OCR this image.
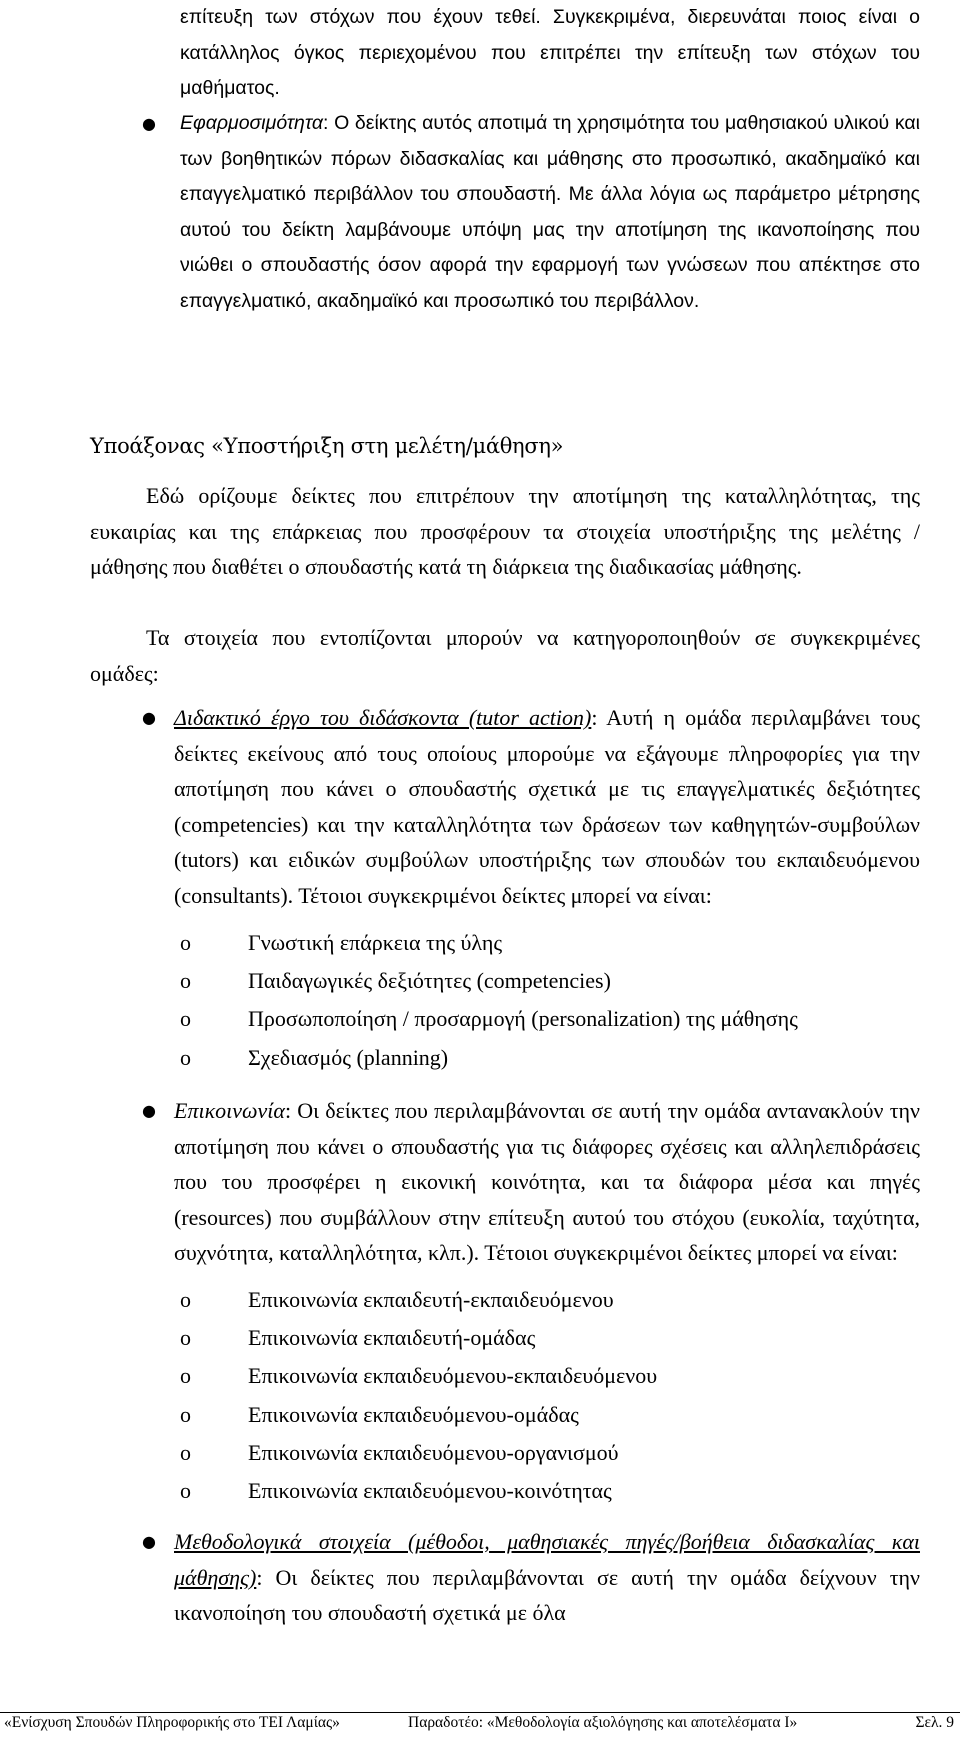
επίτευξη των στόχων που έχουν τεθεί. Συγκεκριμένα, διερευνάται ποιος είναι ο κατάλληλος όγκος περιεχομένου που επιτρέπει την επίτευξη των στόχων του μαθήματος.
● Εφαρμοσιμότητα: Ο δείκτης αυτός αποτιμά τη χρησιμότητα του μαθησιακού υλικού και των βοηθητικών πόρων διδασκαλίας και μάθησης στο προσωπικό, ακαδημαϊκό και επαγγελματικό περιβάλλον του σπουδαστή. Με άλλα λόγια ως παράμετρο μέτρησης αυτού του δείκτη λαμβάνουμε υπόψη μας την αποτίμηση της ικανοποίησης που νιώθει ο σπουδαστής όσον αφορά την εφαρμογή των γνώσεων που απέκτησε στο επαγγελματικό, ακαδημαϊκό και προσωπικό του περιβάλλον.
Υποάξονας «Υποστήριξη στη μελέτη/μάθηση»
Εδώ ορίζουμε δείκτες που επιτρέπουν την αποτίμηση της καταλληλότητας, της ευκαιρίας και της επάρκειας που προσφέρουν τα στοιχεία υποστήριξης της μελέτης / μάθησης που διαθέτει ο σπουδαστής κατά τη διάρκεια της διαδικασίας μάθησης.
Τα στοιχεία που εντοπίζονται μπορούν να κατηγοροποιηθούν σε συγκεκριμένες ομάδες:
● Διδακτικό έργο του διδάσκοντα (tutor action): Αυτή η ομάδα περιλαμβάνει τους δείκτες εκείνους από τους οποίους μπορούμε να εξάγουμε πληροφορίες για την αποτίμηση που κάνει ο σπουδαστής σχετικά με τις επαγγελματικές δεξιότητες (competencies) και την καταλληλότητα των δράσεων των καθηγητών-συμβούλων (tutors) και ειδικών συμβούλων υποστήριξης των σπουδών του εκπαιδευόμενου (consultants). Τέτοιοι συγκεκριμένοι δείκτες μπορεί να είναι:
o	Γνωστική επάρκεια της ύλης
o	Παιδαγωγικές δεξιότητες (competencies)
o	Προσωποποίηση / προσαρμογή (personalization) της μάθησης
o	Σχεδιασμός (planning)
● Επικοινωνία: Οι δείκτες που περιλαμβάνονται σε αυτή την ομάδα αντανακλούν την αποτίμηση που κάνει ο σπουδαστής για τις διάφορες σχέσεις και αλληλεπιδράσεις που του προσφέρει η εικονική κοινότητα, και τα διάφορα μέσα και πηγές (resources) που συμβάλλουν στην επίτευξη αυτού του στόχου (ευκολία, ταχύτητα, συχνότητα, καταλληλότητα, κλπ.). Τέτοιοι συγκεκριμένοι δείκτες μπορεί να είναι:
o	Επικοινωνία εκπαιδευτή-εκπαιδευόμενου
o	Επικοινωνία εκπαιδευτή-ομάδας
o	Επικοινωνία εκπαιδευόμενου-εκπαιδευόμενου
o	Επικοινωνία εκπαιδευόμενου-ομάδας
o	Επικοινωνία εκπαιδευόμενου-οργανισμού
o	Επικοινωνία εκπαιδευόμενου-κοινότητας
● Μεθοδολογικά στοιχεία (μέθοδοι, μαθησιακές πηγές/βοήθεια διδασκαλίας και μάθησης): Οι δείκτες που περιλαμβάνονται σε αυτή την ομάδα δείχνουν την ικανοποίηση του σπουδαστή σχετικά με όλα
«Ενίσχυση Σπουδών Πληροφορικής στο ΤΕΙ Λαμίας»	Παραδοτέο: «Μεθοδολογία αξιολόγησης και αποτελέσματα Ι»	Σελ. 9
